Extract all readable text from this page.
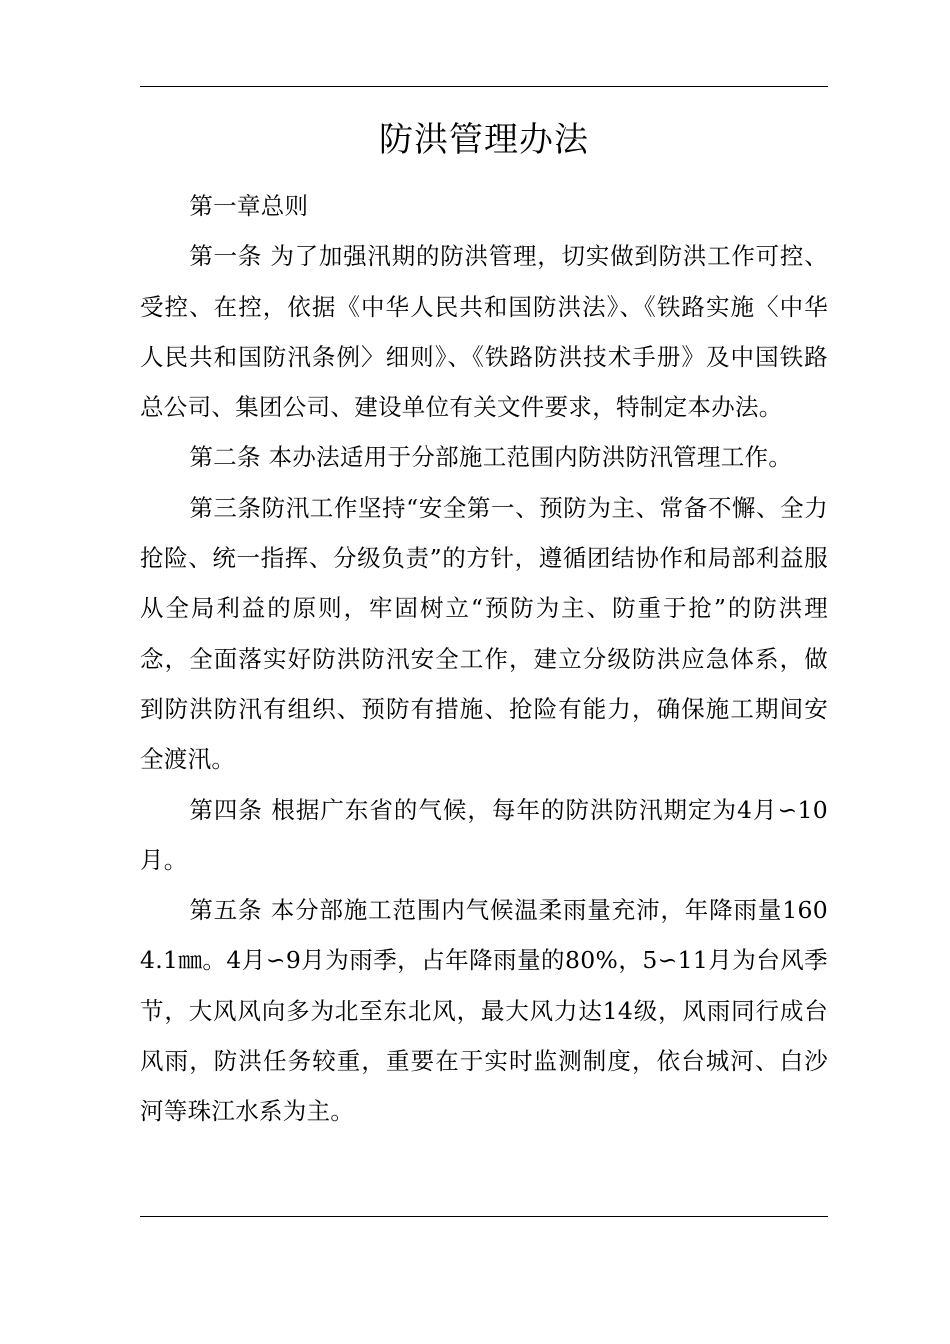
防洪管理办法

第一章总则

第一条 为了加强汛期的防洪管理，切实做到防洪工作可控、受控、在控，依据《中华人民共和国防洪法》、《铁路实施〈中华人民共和国防汛条例〉细则》、《铁路防洪技术手册》及中国铁路总公司、集团公司、建设单位有关文件要求，特制定本办法。

第二条 本办法适用于分部施工范围内防洪防汛管理工作。

第三条防汛工作坚持“安全第一、预防为主、常备不懈、全力抢险、统一指挥、分级负责”的方针，遵循团结协作和局部利益服从全局利益的原则，牢固树立“预防为主、防重于抢”的防洪理念，全面落实好防洪防汛安全工作，建立分级防洪应急体系，做到防洪防汛有组织、预防有措施、抢险有能力，确保施工期间安全渡汛。

第四条 根据广东省的气候，每年的防洪防汛期定为4月∽10月。

第五条 本分部施工范围内气候温柔雨量充沛，年降雨量1604.1㎜。4月∽9月为雨季，占年降雨量的80%，5∽11月为台风季节，大风风向多为北至东北风，最大风力达14级，风雨同行成台风雨，防洪任务较重，重要在于实时监测制度，依台城河、白沙河等珠江水系为主。
